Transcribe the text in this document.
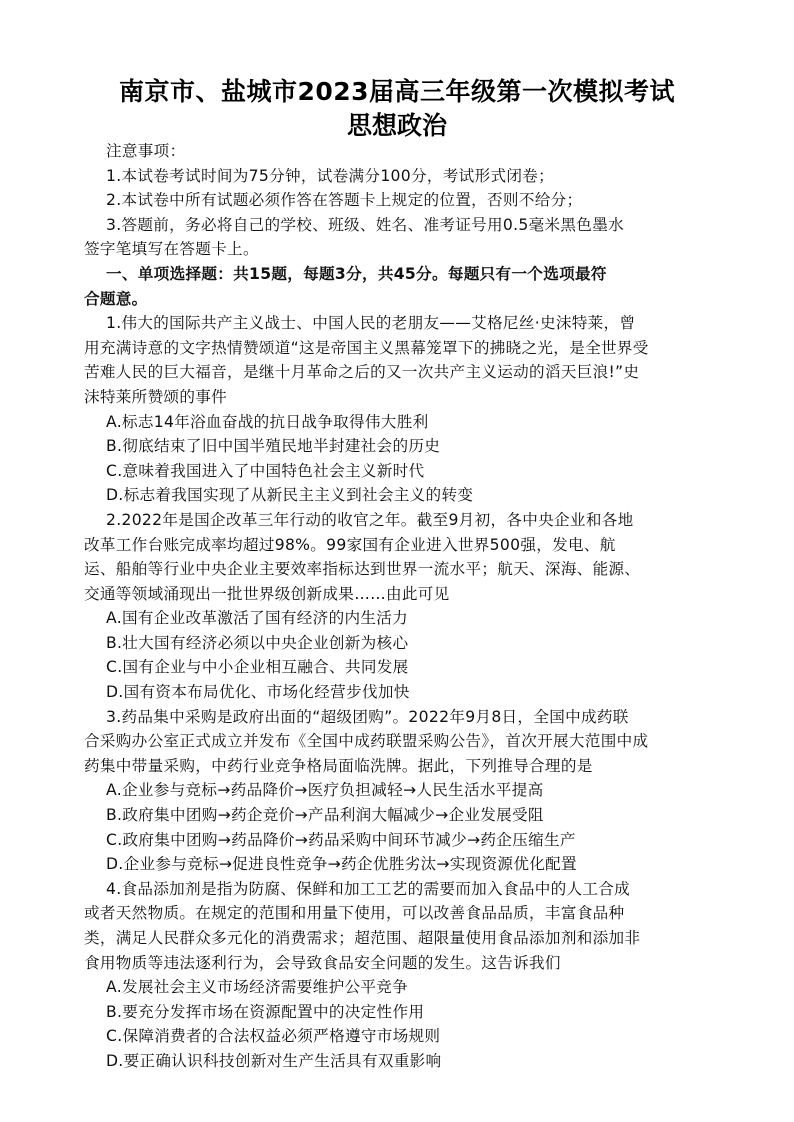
南京市、盐城市2023届高三年级第一次模拟考试
思想政治
注意事项：
1.本试卷考试时间为75分钟，试卷满分100分，考试形式闭卷；
2.本试卷中所有试题必须作答在答题卡上规定的位置，否则不给分；
3.答题前，务必将自己的学校、班级、姓名、准考证号用0.5毫米黑色墨水
签字笔填写在答题卡上。
一、单项选择题：共15题，每题3分，共45分。每题只有一个选项最符
合题意。
1.伟大的国际共产主义战士、中国人民的老朋友——艾格尼丝·史沫特莱，曾
用充满诗意的文字热情赞颂道“这是帝国主义黑幕笼罩下的拂晓之光，是全世界受
苦难人民的巨大福音，是继十月革命之后的又一次共产主义运动的滔天巨浪!”史
沫特莱所赞颂的事件
A.标志14年浴血奋战的抗日战争取得伟大胜利
B.彻底结束了旧中国半殖民地半封建社会的历史
C.意味着我国进入了中国特色社会主义新时代
D.标志着我国实现了从新民主主义到社会主义的转变
2.2022年是国企改革三年行动的收官之年。截至9月初，各中央企业和各地
改革工作台账完成率均超过98%。99家国有企业进入世界500强，发电、航
运、船舶等行业中央企业主要效率指标达到世界一流水平；航天、深海、能源、
交通等领域涌现出一批世界级创新成果……由此可见
A.国有企业改革激活了国有经济的内生活力
B.壮大国有经济必须以中央企业创新为核心
C.国有企业与中小企业相互融合、共同发展
D.国有资本布局优化、市场化经营步伐加快
3.药品集中采购是政府出面的“超级团购”。2022年9月8日，全国中成药联
合采购办公室正式成立并发布《全国中成药联盟采购公告》，首次开展大范围中成
药集中带量采购，中药行业竞争格局面临洗牌。据此，下列推导合理的是
A.企业参与竞标→药品降价→医疗负担减轻→人民生活水平提高
B.政府集中团购→药企竞价→产品利润大幅减少→企业发展受阻
C.政府集中团购→药品降价→药品采购中间环节减少→药企压缩生产
D.企业参与竞标→促进良性竞争→药企优胜劣汰→实现资源优化配置
4.食品添加剂是指为防腐、保鲜和加工工艺的需要而加入食品中的人工合成
或者天然物质。在规定的范围和用量下使用，可以改善食品品质，丰富食品种
类，满足人民群众多元化的消费需求；超范围、超限量使用食品添加剂和添加非
食用物质等违法逐利行为，会导致食品安全问题的发生。这告诉我们
A.发展社会主义市场经济需要维护公平竞争
B.要充分发挥市场在资源配置中的决定性作用
C.保障消费者的合法权益必须严格遵守市场规则
D.要正确认识科技创新对生产生活具有双重影响
